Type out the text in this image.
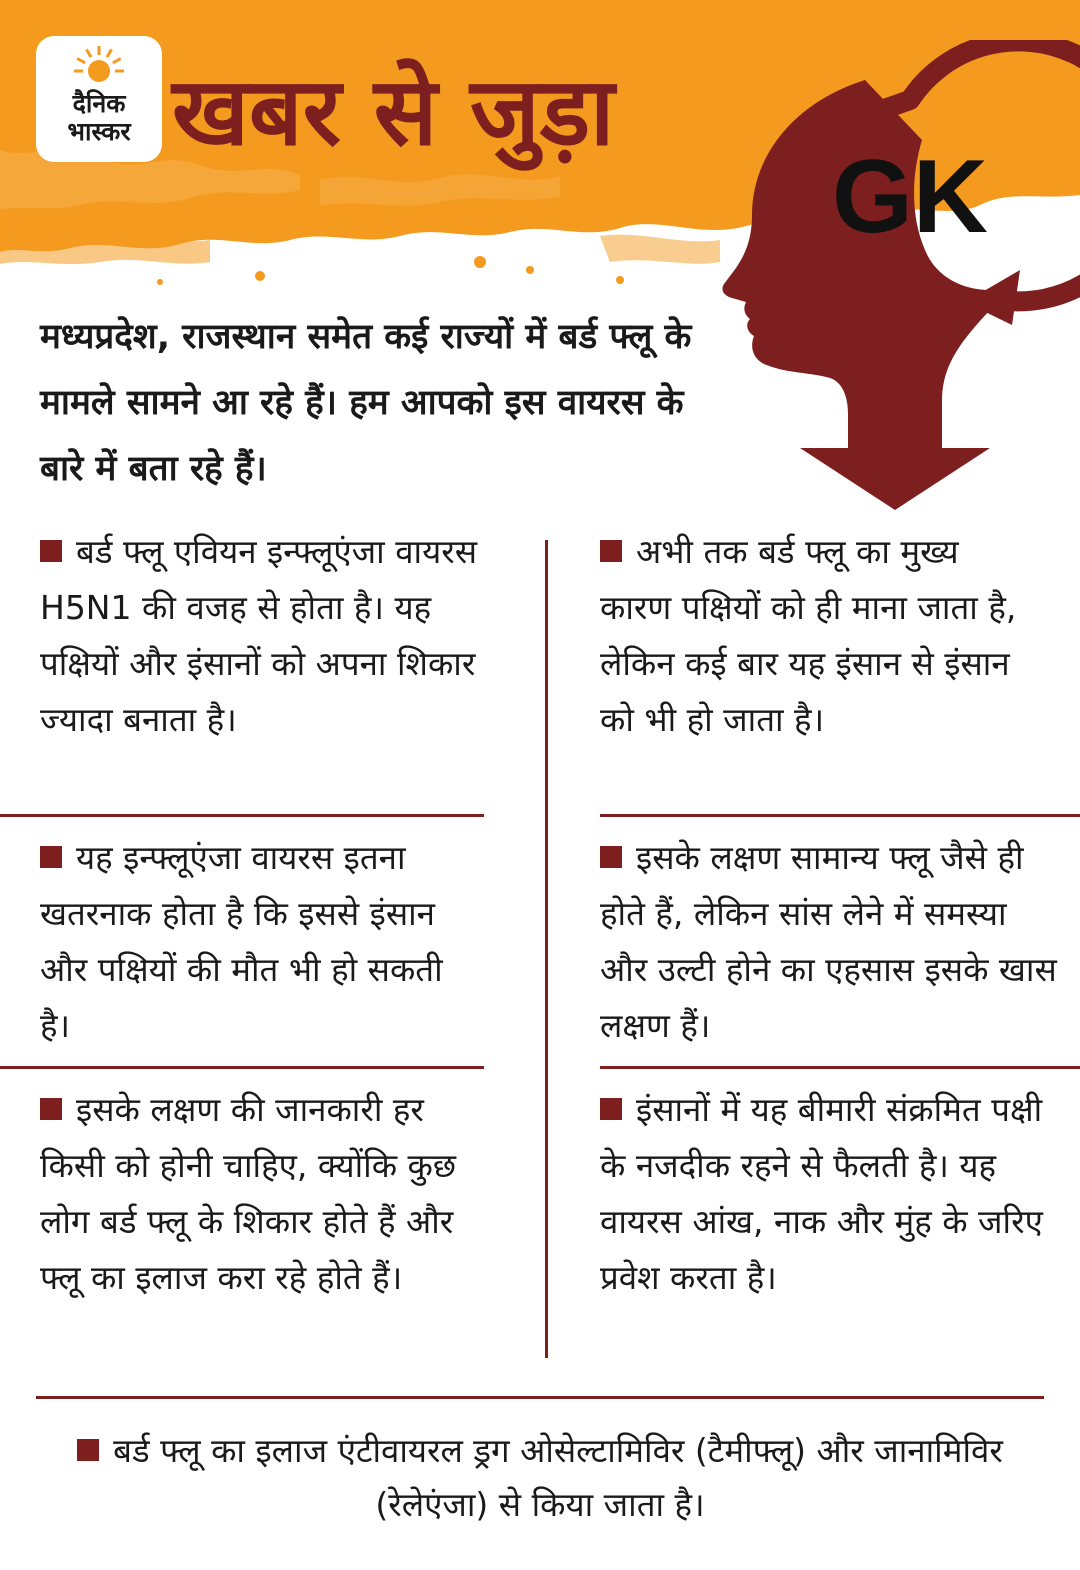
दैनिक
भास्कर खबर से जुड़ा
GK

मध्यप्रदेश, राजस्थान समेत कई राज्यों में बर्ड फ्लू के मामले सामने आ रहे हैं। हम आपको इस वायरस के बारे में बता रहे हैं।

बर्ड फ्लू एवियन इन्फ्लूएंजा वायरस H5N1 की वजह से होता है। यह पक्षियों और इंसानों को अपना शिकार ज्यादा बनाता है।

यह इन्फ्लूएंजा वायरस इतना खतरनाक होता है कि इससे इंसान और पक्षियों की मौत भी हो सकती है।

इसके लक्षण की जानकारी हर किसी को होनी चाहिए, क्योंकि कुछ लोग बर्ड फ्लू के शिकार होते हैं और फ्लू का इलाज करा रहे होते हैं।

अभी तक बर्ड फ्लू का मुख्य कारण पक्षियों को ही माना जाता है, लेकिन कई बार यह इंसान से इंसान को भी हो जाता है।

इसके लक्षण सामान्य फ्लू जैसे ही होते हैं, लेकिन सांस लेने में समस्या और उल्टी होने का एहसास इसके खास लक्षण हैं।

इंसानों में यह बीमारी संक्रमित पक्षी के नजदीक रहने से फैलती है। यह वायरस आंख, नाक और मुंह के जरिए प्रवेश करता है।

बर्ड फ्लू का इलाज एंटीवायरल ड्रग ओसेल्टामिविर (टैमीफ्लू) और जानामिविर (रेलेएंजा) से किया जाता है।
